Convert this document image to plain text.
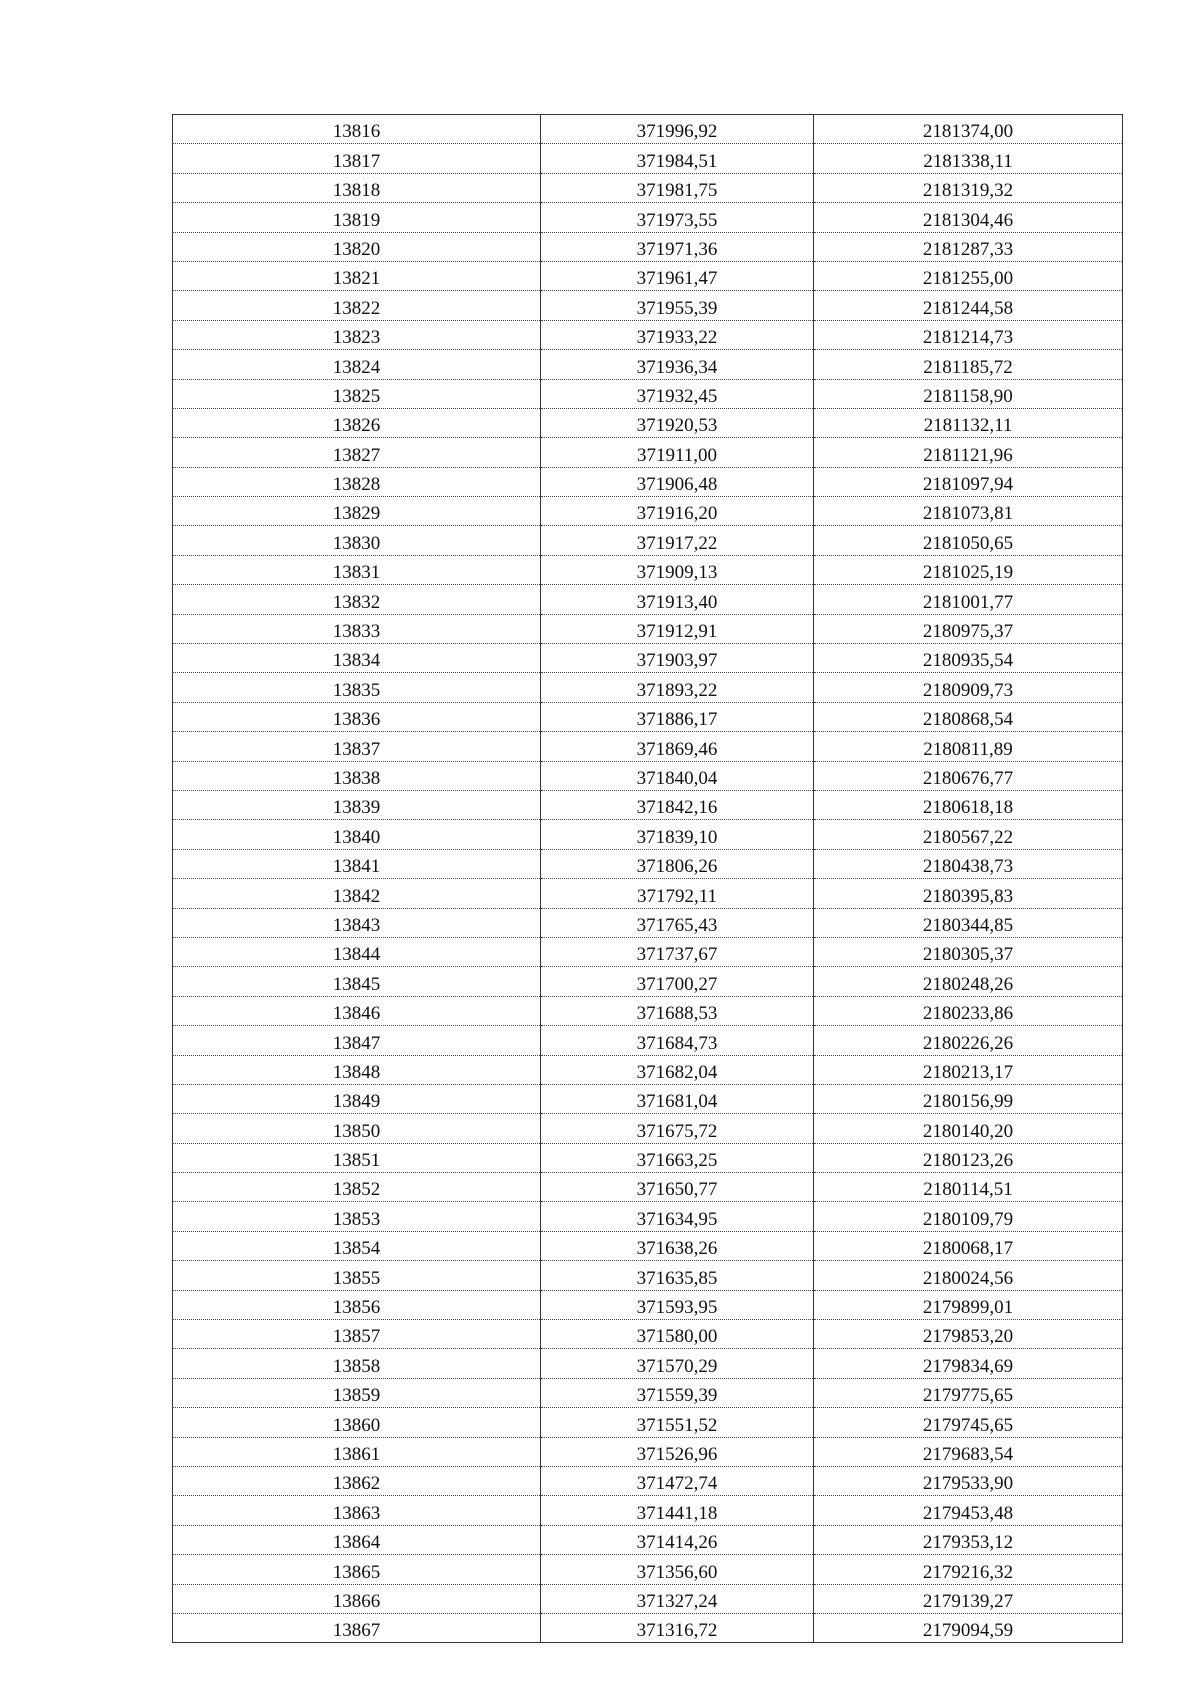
13816	371996,92	2181374,00
13817	371984,51	2181338,11
13818	371981,75	2181319,32
13819	371973,55	2181304,46
13820	371971,36	2181287,33
13821	371961,47	2181255,00
13822	371955,39	2181244,58
13823	371933,22	2181214,73
13824	371936,34	2181185,72
13825	371932,45	2181158,90
13826	371920,53	2181132,11
13827	371911,00	2181121,96
13828	371906,48	2181097,94
13829	371916,20	2181073,81
13830	371917,22	2181050,65
13831	371909,13	2181025,19
13832	371913,40	2181001,77
13833	371912,91	2180975,37
13834	371903,97	2180935,54
13835	371893,22	2180909,73
13836	371886,17	2180868,54
13837	371869,46	2180811,89
13838	371840,04	2180676,77
13839	371842,16	2180618,18
13840	371839,10	2180567,22
13841	371806,26	2180438,73
13842	371792,11	2180395,83
13843	371765,43	2180344,85
13844	371737,67	2180305,37
13845	371700,27	2180248,26
13846	371688,53	2180233,86
13847	371684,73	2180226,26
13848	371682,04	2180213,17
13849	371681,04	2180156,99
13850	371675,72	2180140,20
13851	371663,25	2180123,26
13852	371650,77	2180114,51
13853	371634,95	2180109,79
13854	371638,26	2180068,17
13855	371635,85	2180024,56
13856	371593,95	2179899,01
13857	371580,00	2179853,20
13858	371570,29	2179834,69
13859	371559,39	2179775,65
13860	371551,52	2179745,65
13861	371526,96	2179683,54
13862	371472,74	2179533,90
13863	371441,18	2179453,48
13864	371414,26	2179353,12
13865	371356,60	2179216,32
13866	371327,24	2179139,27
13867	371316,72	2179094,59
